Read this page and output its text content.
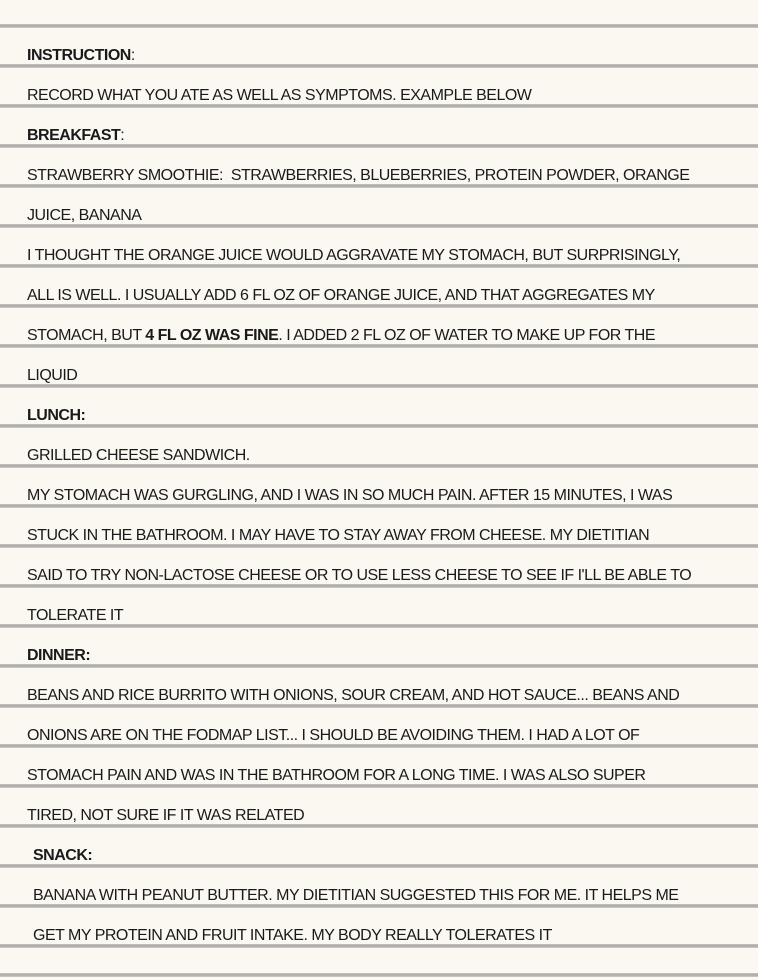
INSTRUCTION :
RECORD WHAT YOU ATE AS WELL AS SYMPTOMS. EXAMPLE BELOW
BREAKFAST :
STRAWBERRY SMOOTHIE:  STRAWBERRIES, BLUEBERRIES, PROTEIN POWDER, ORANGE
JUICE, BANANA
I THOUGHT THE ORANGE JUICE WOULD AGGRAVATE MY STOMACH, BUT SURPRISINGLY,
ALL IS WELL. I USUALLY ADD 6 FL OZ OF ORANGE JUICE, AND THAT AGGREGATES MY
STOMACH, BUT 4 FL OZ WAS FINE . I ADDED 2 FL OZ OF WATER TO MAKE UP FOR THE
LIQUID
LUNCH:
GRILLED CHEESE SANDWICH.
MY STOMACH WAS GURGLING, AND I WAS IN SO MUCH PAIN. AFTER 15 MINUTES, I WAS
STUCK IN THE BATHROOM. I MAY HAVE TO STAY AWAY FROM CHEESE. MY DIETITIAN
SAID TO TRY NON-LACTOSE CHEESE OR TO USE LESS CHEESE TO SEE IF I'LL BE ABLE TO
TOLERATE IT
DINNER:
BEANS AND RICE BURRITO WITH ONIONS, SOUR CREAM, AND HOT SAUCE... BEANS AND
ONIONS ARE ON THE FODMAP LIST... I SHOULD BE AVOIDING THEM. I HAD A LOT OF
STOMACH PAIN AND WAS IN THE BATHROOM FOR A LONG TIME. I WAS ALSO SUPER
TIRED, NOT SURE IF IT WAS RELATED
SNACK:
BANANA WITH PEANUT BUTTER. MY DIETITIAN SUGGESTED THIS FOR ME. IT HELPS ME
GET MY PROTEIN AND FRUIT INTAKE. MY BODY REALLY TOLERATES IT
